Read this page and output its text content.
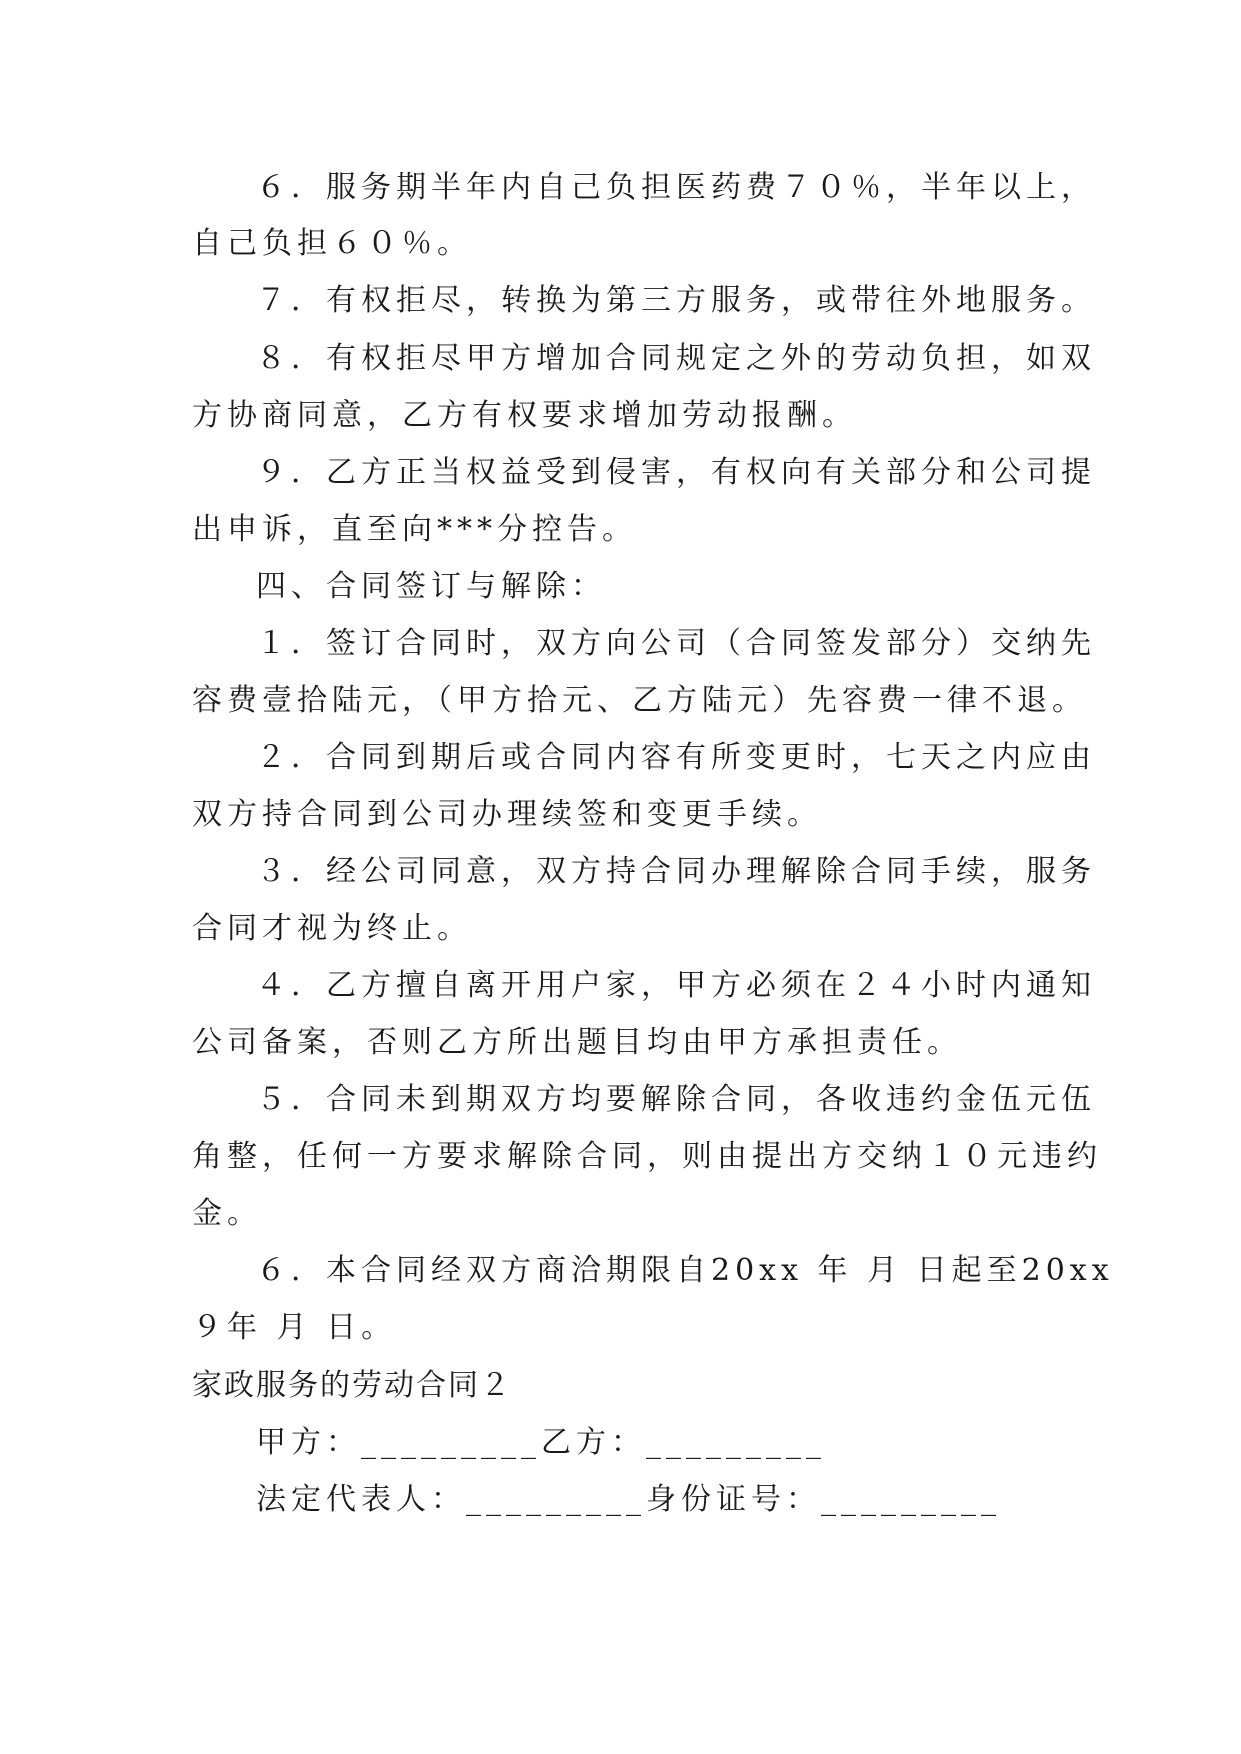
６．服务期半年内自己负担医药费７０％，半年以上，
自己负担６０％。
７．有权拒尽，转换为第三方服务，或带往外地服务。
８．有权拒尽甲方增加合同规定之外的劳动负担，如双
方协商同意，乙方有权要求增加劳动报酬。
９．乙方正当权益受到侵害，有权向有关部分和公司提
出申诉，直至向***分控告。
四、合同签订与解除：
１．签订合同时，双方向公司（合同签发部分）交纳先
容费壹拾陆元，（甲方拾元、乙方陆元）先容费一律不退。
２．合同到期后或合同内容有所变更时，七天之内应由
双方持合同到公司办理续签和变更手续。
３．经公司同意，双方持合同办理解除合同手续，服务
合同才视为终止。
４．乙方擅自离开用户家，甲方必须在２４小时内通知
公司备案，否则乙方所出题目均由甲方承担责任。
５．合同未到期双方均要解除合同，各收违约金伍元伍
角整，任何一方要求解除合同，则由提出方交纳１０元违约
金。
６．本合同经双方商洽期限自20xx 年 月 日起至20xx
９年 月 日。
家政服务的劳动合同２
甲方：_________乙方：_________
法定代表人：_________身份证号：_________
